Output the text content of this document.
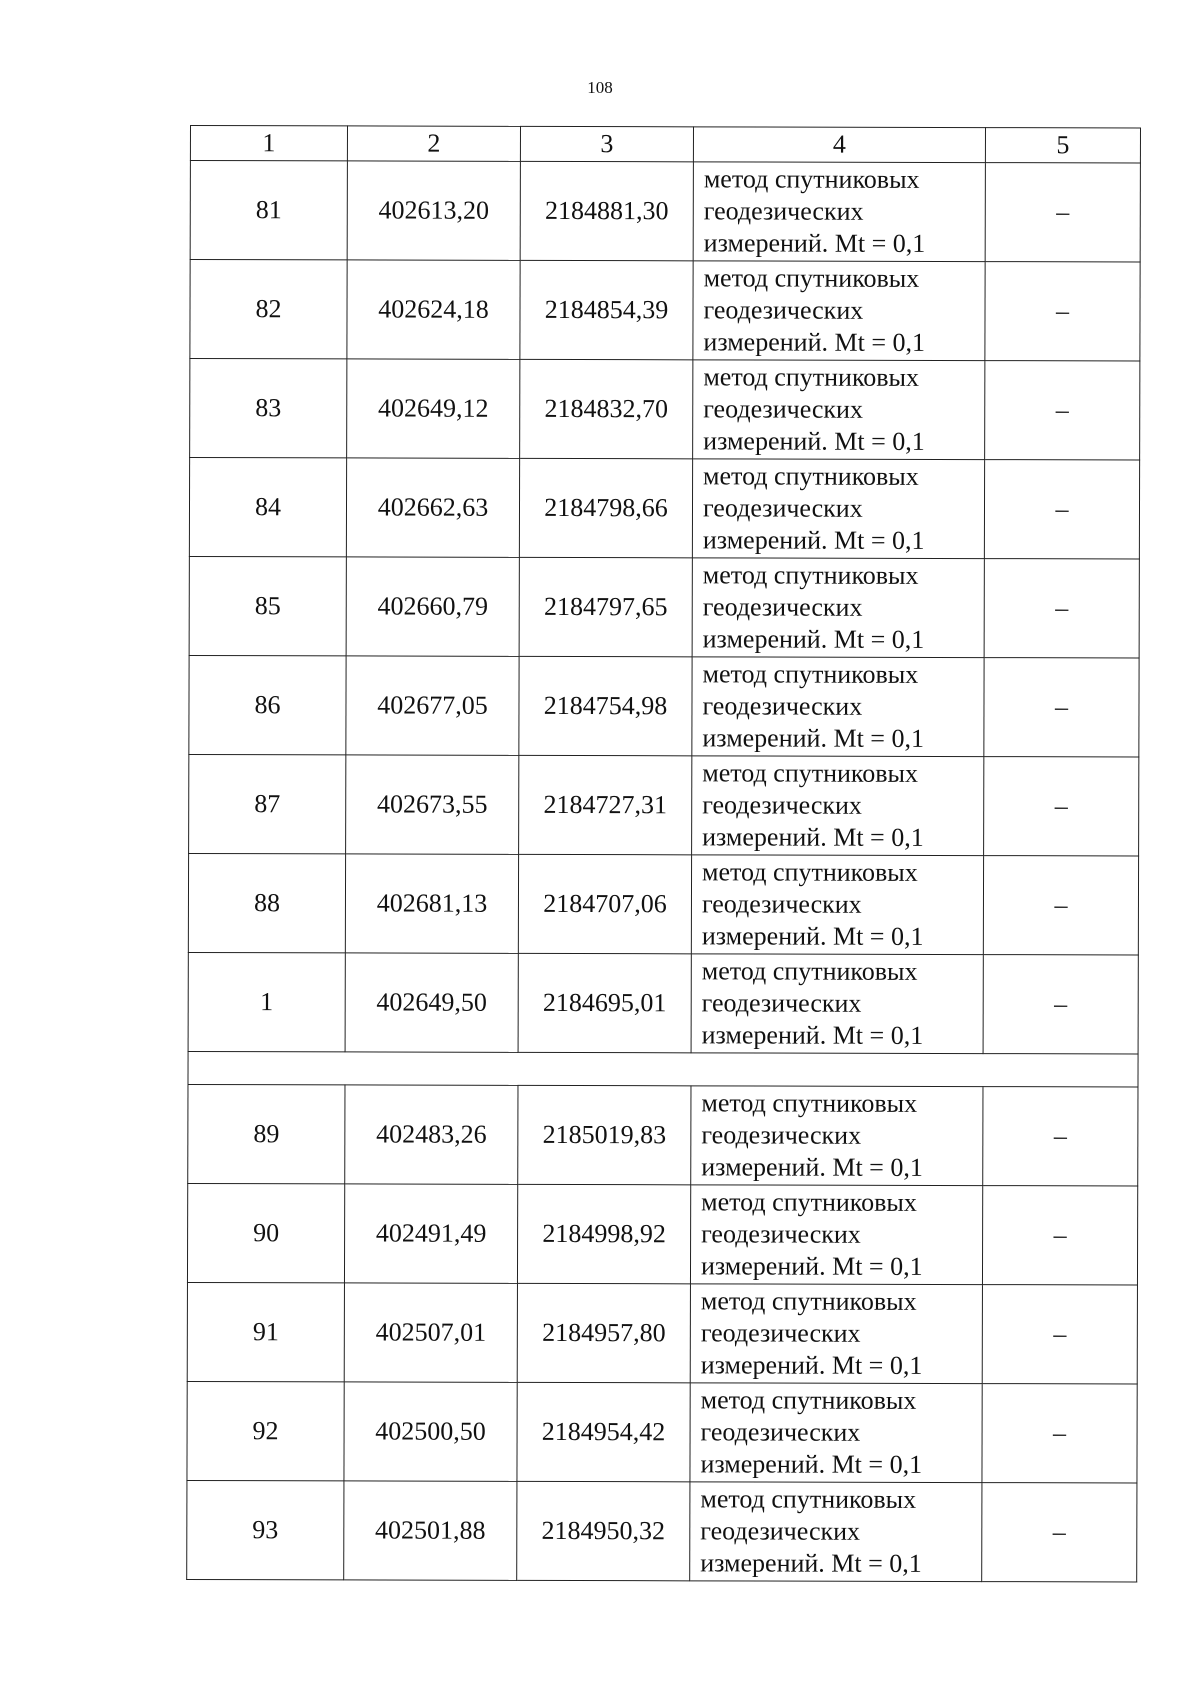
108
1	2	3	4	5
81	402613,20	2184881,30	метод спутниковых
геодезических
измерений. Mt = 0,1	–
82	402624,18	2184854,39	метод спутниковых
геодезических
измерений. Mt = 0,1	–
83	402649,12	2184832,70	метод спутниковых
геодезических
измерений. Mt = 0,1	–
84	402662,63	2184798,66	метод спутниковых
геодезических
измерений. Mt = 0,1	–
85	402660,79	2184797,65	метод спутниковых
геодезических
измерений. Mt = 0,1	–
86	402677,05	2184754,98	метод спутниковых
геодезических
измерений. Mt = 0,1	–
87	402673,55	2184727,31	метод спутниковых
геодезических
измерений. Mt = 0,1	–
88	402681,13	2184707,06	метод спутниковых
геодезических
измерений. Mt = 0,1	–
1	402649,50	2184695,01	метод спутниковых
геодезических
измерений. Mt = 0,1	–

89	402483,26	2185019,83	метод спутниковых
геодезических
измерений. Mt = 0,1	–
90	402491,49	2184998,92	метод спутниковых
геодезических
измерений. Mt = 0,1	–
91	402507,01	2184957,80	метод спутниковых
геодезических
измерений. Mt = 0,1	–
92	402500,50	2184954,42	метод спутниковых
геодезических
измерений. Mt = 0,1	–
93	402501,88	2184950,32	метод спутниковых
геодезических
измерений. Mt = 0,1	–
